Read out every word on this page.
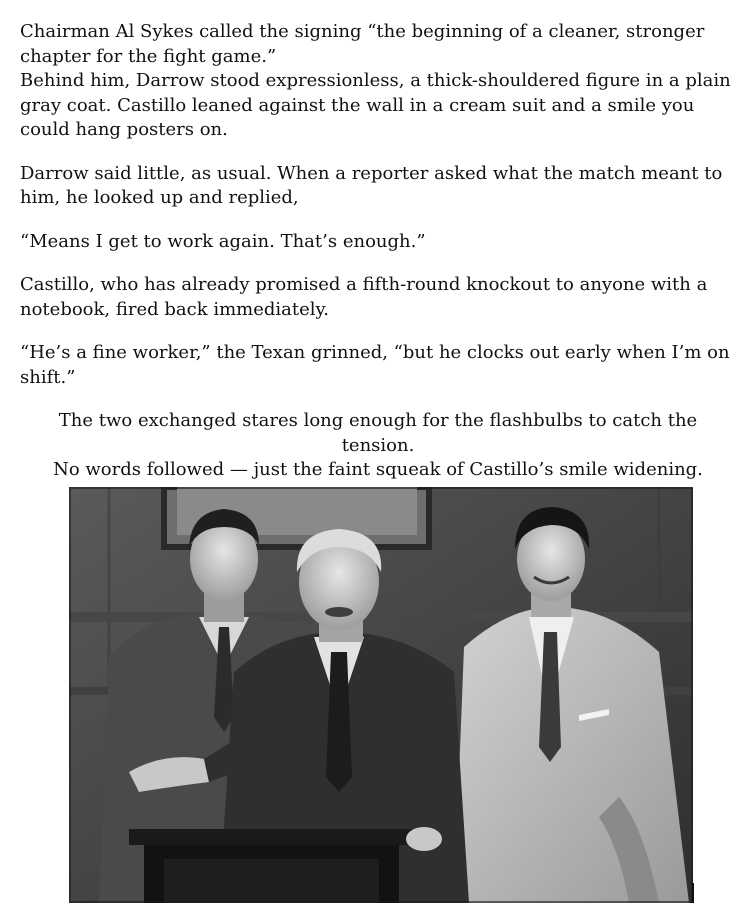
Chairman Al Sykes called the signing “the beginning of a cleaner, stronger chapter for the fight game.”

Behind him, Darrow stood expressionless, a thick-shouldered figure in a plain gray coat. Castillo leaned against the wall in a cream suit and a smile you could hang posters on.

Darrow said little, as usual. When a reporter asked what the match meant to him, he looked up and replied,

“Means I get to work again. That’s enough.”

Castillo, who has already promised a fifth-round knockout to anyone with a notebook, fired back immediately.

“He’s a fine worker,” the Texan grinned, “but he clocks out early when I’m on shift.”

The two exchanged stares long enough for the flashbulbs to catch the tension.

No words followed — just the faint squeak of Castillo’s smile widening.
